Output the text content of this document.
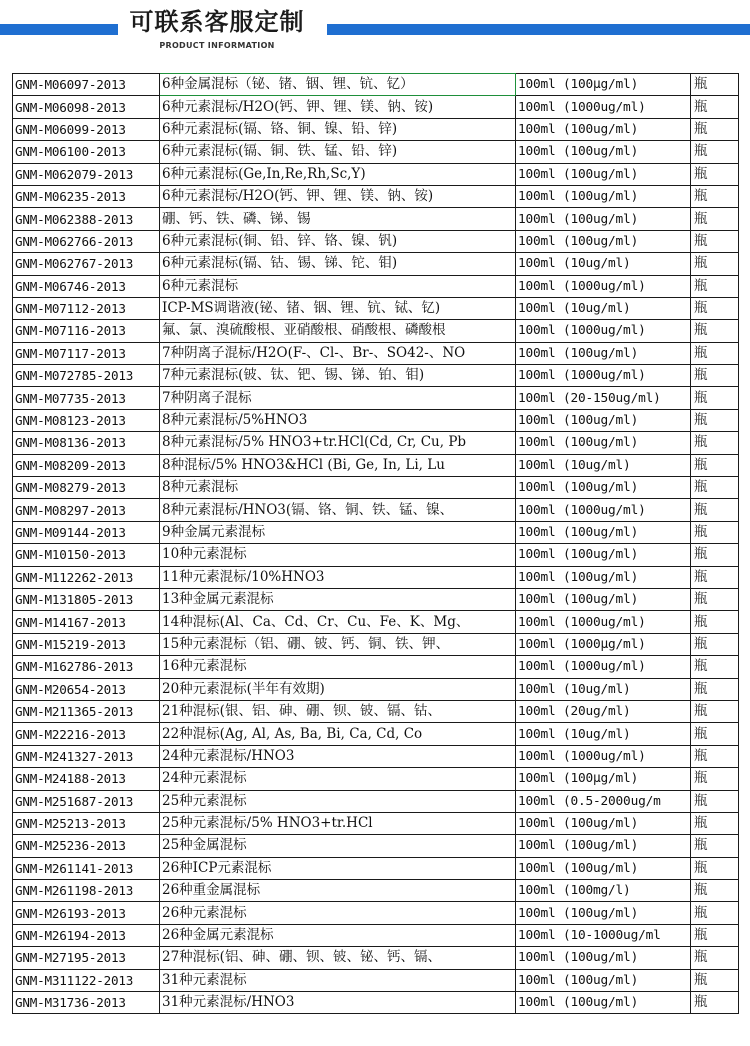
可联系客服定制
PRODUCT INFORMATION
GNM-M06097-2013	6种金属混标（铋、锗、铟、锂、钪、钇）	100ml (100μg/ml)	瓶
GNM-M06098-2013	6种元素混标/H2O(钙、钾、锂、镁、钠、铵)	100ml (1000ug/ml)	瓶
GNM-M06099-2013	6种元素混标(镉、铬、铜、镍、铅、锌)	100ml (100ug/ml)	瓶
GNM-M06100-2013	6种元素混标(镉、铜、铁、锰、铅、锌)	100ml (100ug/ml)	瓶
GNM-M062079-2013	6种元素混标(Ge,In,Re,Rh,Sc,Y)	100ml (100ug/ml)	瓶
GNM-M06235-2013	6种元素混标/H2O(钙、钾、锂、镁、钠、铵)	100ml (100ug/ml)	瓶
GNM-M062388-2013	硼、钙、铁、磷、锑、锡	100ml (100ug/ml)	瓶
GNM-M062766-2013	6种元素混标(铜、铅、锌、铬、镍、钒)	100ml (100ug/ml)	瓶
GNM-M062767-2013	6种元素混标(镉、钴、锡、锑、铊、钼)	100ml (10ug/ml)	瓶
GNM-M06746-2013	6种元素混标	100ml (1000ug/ml)	瓶
GNM-M07112-2013	ICP-MS调谐液(铋、锗、铟、锂、钪、铽、钇)	100ml (10ug/ml)	瓶
GNM-M07116-2013	氟、氯、溴硫酸根、亚硝酸根、硝酸根、磷酸根	100ml (1000ug/ml)	瓶
GNM-M07117-2013	7种阴离子混标/H2O(F-、Cl-、Br-、SO42-、NO	100ml (100ug/ml)	瓶
GNM-M072785-2013	7种元素混标(铍、钛、钯、锡、锑、铂、钼)	100ml (1000ug/ml)	瓶
GNM-M07735-2013	7种阴离子混标	100ml (20-150ug/ml)	瓶
GNM-M08123-2013	8种元素混标/5%HNO3	100ml (100ug/ml)	瓶
GNM-M08136-2013	8种元素混标/5% HNO3+tr.HCl(Cd, Cr, Cu, Pb	100ml (100ug/ml)	瓶
GNM-M08209-2013	8种混标/5% HNO3&HCl (Bi, Ge, In, Li, Lu	100ml (10ug/ml)	瓶
GNM-M08279-2013	8种元素混标	100ml (100ug/ml)	瓶
GNM-M08297-2013	8种元素混标/HNO3(镉、铬、铜、铁、锰、镍、	100ml (1000ug/ml)	瓶
GNM-M09144-2013	9种金属元素混标	100ml (100ug/ml)	瓶
GNM-M10150-2013	10种元素混标	100ml (100ug/ml)	瓶
GNM-M112262-2013	11种元素混标/10%HNO3	100ml (100ug/ml)	瓶
GNM-M131805-2013	13种金属元素混标	100ml (100ug/ml)	瓶
GNM-M14167-2013	14种混标(Al、Ca、Cd、Cr、Cu、Fe、K、Mg、	100ml (1000ug/ml)	瓶
GNM-M15219-2013	15种元素混标（铝、硼、铍、钙、铜、铁、钾、	100ml (1000μg/ml)	瓶
GNM-M162786-2013	16种元素混标	100ml (1000ug/ml)	瓶
GNM-M20654-2013	20种元素混标(半年有效期)	100ml (10ug/ml)	瓶
GNM-M211365-2013	21种混标(银、铝、砷、硼、钡、铍、镉、钴、	100ml (20ug/ml)	瓶
GNM-M22216-2013	22种混标(Ag, Al, As, Ba, Bi, Ca, Cd, Co	100ml (10ug/ml)	瓶
GNM-M241327-2013	24种元素混标/HNO3	100ml (1000ug/ml)	瓶
GNM-M24188-2013	24种元素混标	100ml (100μg/ml)	瓶
GNM-M251687-2013	25种元素混标	100ml (0.5-2000ug/m	瓶
GNM-M25213-2013	25种元素混标/5% HNO3+tr.HCl	100ml (100ug/ml)	瓶
GNM-M25236-2013	25种金属混标	100ml (100ug/ml)	瓶
GNM-M261141-2013	26种ICP元素混标	100ml (100ug/ml)	瓶
GNM-M261198-2013	26种重金属混标	100ml (100mg/l)	瓶
GNM-M26193-2013	26种元素混标	100ml (100ug/ml)	瓶
GNM-M26194-2013	26种金属元素混标	100ml (10-1000ug/ml	瓶
GNM-M27195-2013	27种混标(铝、砷、硼、钡、铍、铋、钙、镉、	100ml (100ug/ml)	瓶
GNM-M311122-2013	31种元素混标	100ml (100ug/ml)	瓶
GNM-M31736-2013	31种元素混标/HNO3	100ml (100ug/ml)	瓶
